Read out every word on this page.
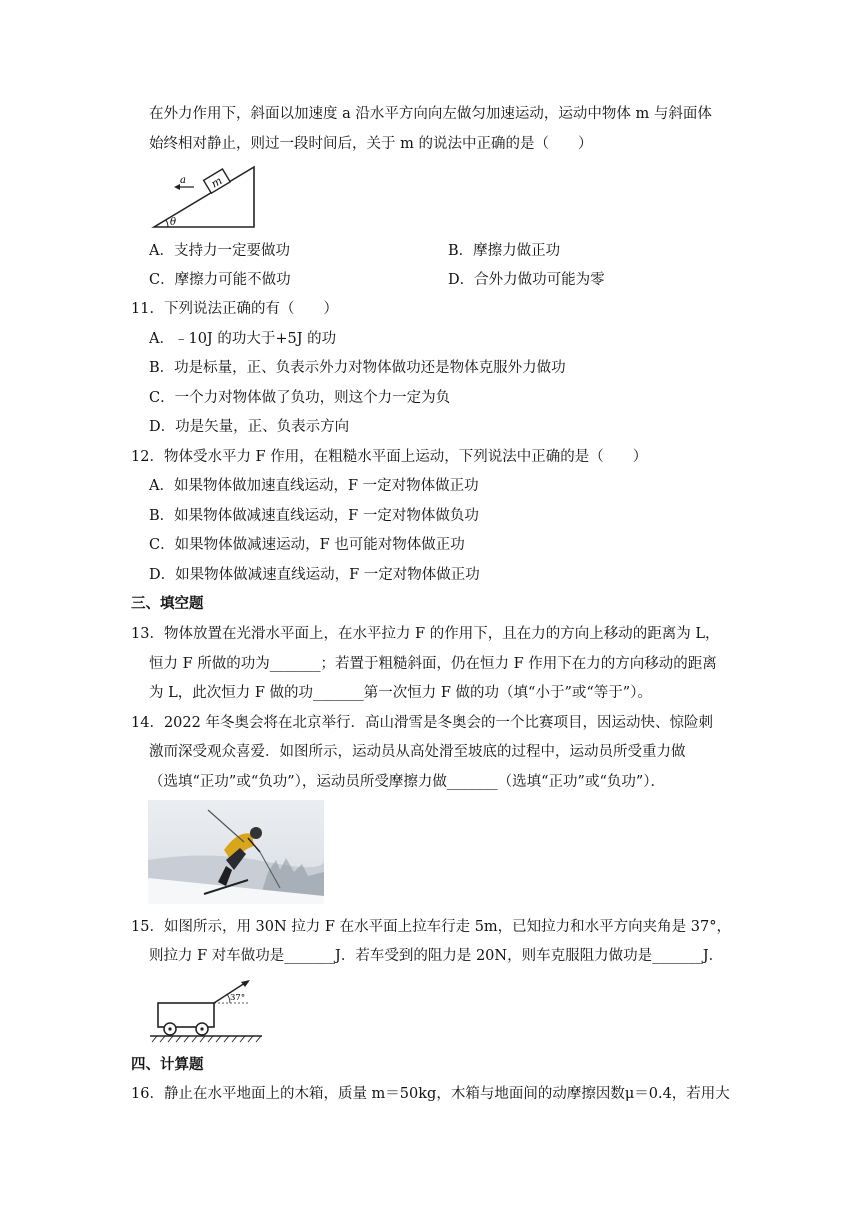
在外力作用下，斜面以加速度 a 沿水平方向向左做匀加速运动，运动中物体 m 与斜面体
始终相对静止，则过一段时间后，关于 m 的说法中正确的是（　　）
m
a
θ
A．支持力一定要做功	B．摩擦力做正功
C．摩擦力可能不做功	D．合外力做功可能为零
11．下列说法正确的有（　　）
A．﹣10J 的功大于+5J 的功
B．功是标量，正、负表示外力对物体做功还是物体克服外力做功
C．一个力对物体做了负功，则这个力一定为负
D．功是矢量，正、负表示方向
12．物体受水平力 F 作用，在粗糙水平面上运动，下列说法中正确的是（　　）
A．如果物体做加速直线运动，F 一定对物体做正功
B．如果物体做减速直线运动，F 一定对物体做负功
C．如果物体做减速运动，F 也可能对物体做正功
D．如果物体做减速直线运动，F 一定对物体做正功
三、填空题
13．物体放置在光滑水平面上，在水平拉力 F 的作用下，且在力的方向上移动的距离为 L，
恒力 F 所做的功为_______；若置于粗糙斜面，仍在恒力 F 作用下在力的方向移动的距离
为 L，此次恒力 F 做的功_______第一次恒力 F 做的功（填“小于”或“等于”）。
14．2022 年冬奥会将在北京举行．高山滑雪是冬奥会的一个比赛项目，因运动快、惊险刺
激而深受观众喜爱．如图所示，运动员从高处滑至坡底的过程中，运动员所受重力做
（选填“正功”或“负功”），运动员所受摩擦力做_______（选填“正功”或“负功”）．
15．如图所示，用 30N 拉力 F 在水平面上拉车行走 5m，已知拉力和水平方向夹角是 37°，
则拉力 F 对车做功是_______J．若车受到的阻力是 20N，则车克服阻力做功是_______J．
37°
四、计算题
16．静止在水平地面上的木箱，质量 m＝50kg，木箱与地面间的动摩擦因数μ＝0.4，若用大
